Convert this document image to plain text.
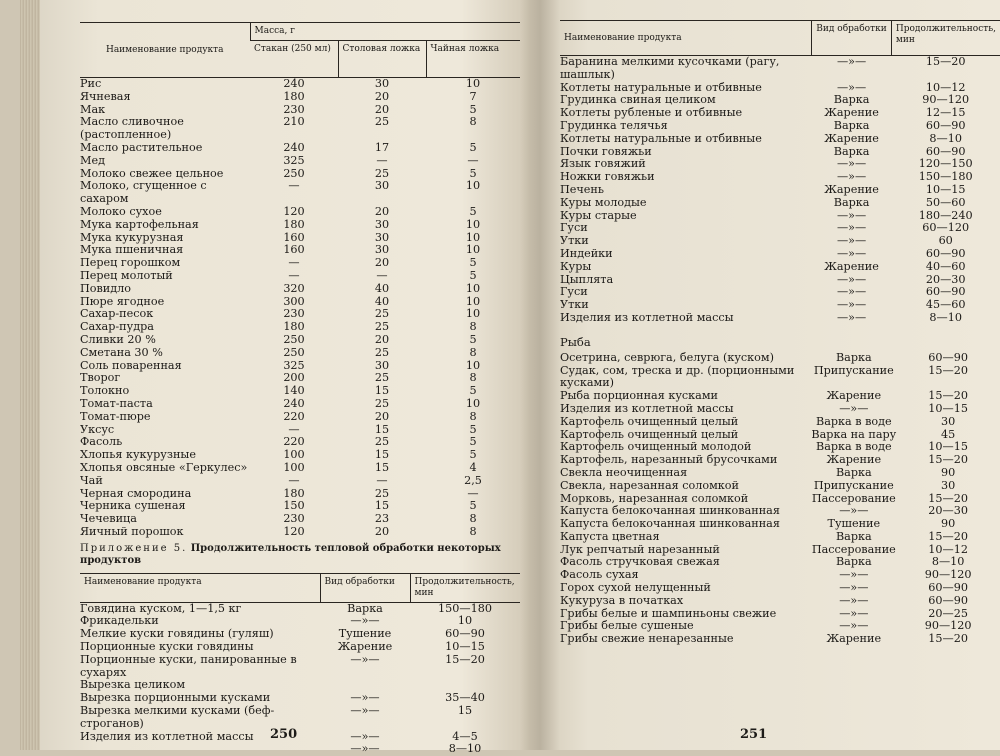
Наименование продукта	Масса, г		
	Стакан (250 мл)	Столовая ложка	Чайная ложка
Рис	240	30	10
Ячневая	180	20	7
Мак	230	20	5
Масло сливочное (растопленное)	210	25	8
Масло растительное	240	17	5
Мед	325	—	—
Молоко свежее цельное	250	25	5
Молоко, сгущенное с сахаром	—	30	10
Молоко сухое	120	20	5
Мука картофельная	180	30	10
Мука кукурузная	160	30	10
Мука пшеничная	160	30	10
Перец горошком	—	20	5
Перец молотый	—	—	5
Повидло	320	40	10
Пюре ягодное	300	40	10
Сахар-песок	230	25	10
Сахар-пудра	180	25	8
Сливки 20 %	250	20	5
Сметана 30 %	250	25	8
Соль поваренная	325	30	10
Творог	200	25	8
Толокно	140	15	5
Томат-паста	240	25	10
Томат-пюре	220	20	8
Уксус	—	15	5
Фасоль	220	25	5
Хлопья кукурузные	100	15	5
Хлопья овсяные «Геркулес»	100	15	4
Чай	—	—	2,5
Черная смородина	180	25	—
Черника сушеная	150	15	5
Чечевица	230	23	8
Яичный порошок	120	20	8
Приложение 5. Продолжительность тепловой обработки некоторых продуктов
Наименование продукта	Вид обработки	Продолжительность, мин
Говядина куском, 1—1,5 кг	Варка	150—180
Фрикадельки	—»—	10
Мелкие куски говядины (гуляш)	Тушение	60—90
Порционные куски говядины	Жарение	10—15
Порционные куски, панированные в сухарях	—»—	15—20
Вырезка целиком		
Вырезка порционными кусками	—»—	35—40
Вырезка мелкими кусками (беф-строганов)	—»—	15
Изделия из котлетной массы	—»—	4—5
	—»—	8—10
250
Наименование продукта	Вид обработки	Продолжительность, мин
Баранина мелкими кусочками (рагу, шашлык)	—»—	15—20
Котлеты натуральные и отбивные	—»—	10—12
Грудинка свиная целиком	Варка	90—120
Котлеты рубленые и отбивные	Жарение	12—15
Грудинка телячья	Варка	60—90
Котлеты натуральные и отбивные	Жарение	8—10
Почки говяжьи	Варка	60—90
Язык говяжий	—»—	120—150
Ножки говяжьи	—»—	150—180
Печень	Жарение	10—15
Куры молодые	Варка	50—60
Куры старые	—»—	180—240
Гуси	—»—	60—120
Утки	—»—	60
Индейки	—»—	60—90
Куры	Жарение	40—60
Цыплята	—»—	20—30
Гуси	—»—	60—90
Утки	—»—	45—60
Изделия из котлетной массы	—»—	8—10
Рыба
Осетрина, севрюга, белуга (куском)	Варка	60—90
Судак, сом, треска и др. (порционными кусками)	Припускание	15—20
Рыба порционная кусками	Жарение	15—20
Изделия из котлетной массы	—»—	10—15
Картофель очищенный целый	Варка в воде	30
Картофель очищенный целый	Варка на пару	45
Картофель очищенный молодой	Варка в воде	10—15
Картофель, нарезанный брусочками	Жарение	15—20
Свекла неочищенная	Варка	90
Свекла, нарезанная соломкой	Припускание	30
Морковь, нарезанная соломкой	Пассерование	15—20
Капуста белокочанная шинкованная	—»—	20—30
Капуста белокочанная шинкованная	Тушение	90
Капуста цветная	Варка	15—20
Лук репчатый нарезанный	Пассерование	10—12
Фасоль стручковая свежая	Варка	8—10
Фасоль сухая	—»—	90—120
Горох сухой нелущенный	—»—	60—90
Кукуруза в початках	—»—	60—90
Грибы белые и шампиньоны свежие	—»—	20—25
Грибы белые сушеные	—»—	90—120
Грибы свежие ненарезанные	Жарение	15—20
251
